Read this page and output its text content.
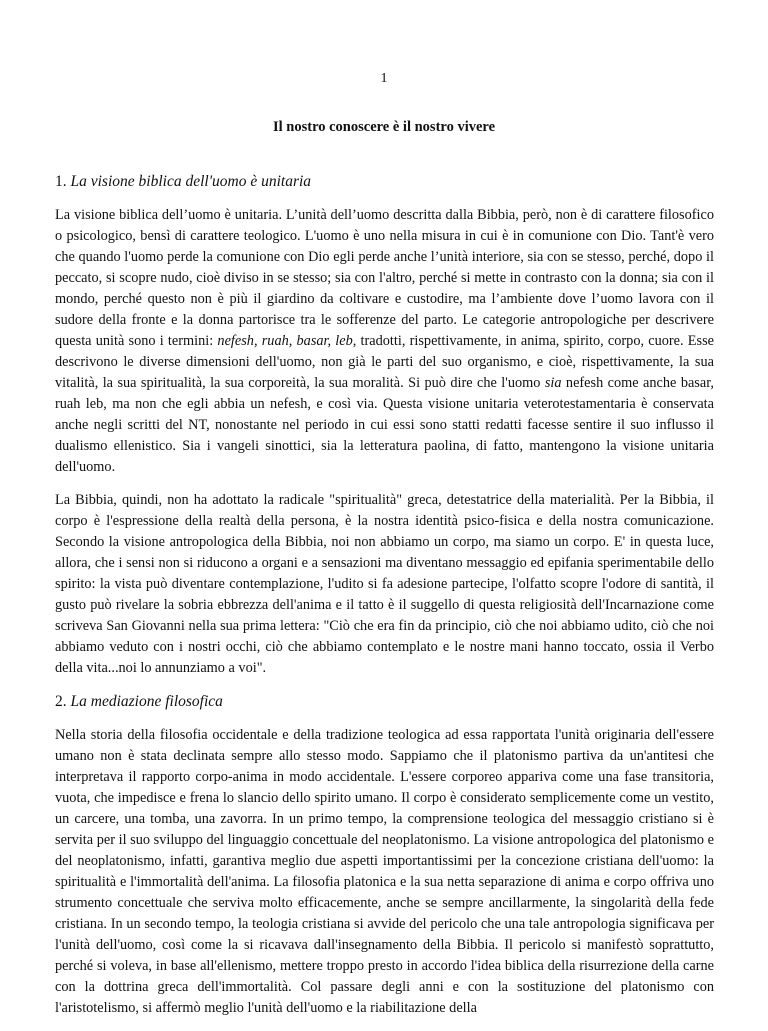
1
Il nostro conoscere è il nostro vivere
1. La visione biblica dell'uomo è unitaria

La visione biblica dell’uomo è unitaria. L’unità dell’uomo descritta dalla Bibbia, però, non è di carattere filosofico o psicologico, bensì di carattere teologico. L'uomo è uno nella misura in cui è in comunione con Dio. Tant'è vero che quando l'uomo perde la comunione con Dio egli perde anche l’unità interiore, sia con se stesso, perché, dopo il peccato, si scopre nudo, cioè diviso in se stesso; sia con l'altro, perché si mette in contrasto con la donna; sia con il mondo, perché questo non è più il giardino da coltivare e custodire, ma l’ambiente dove l’uomo lavora con il sudore della fronte e la donna partorisce tra le sofferenze del parto. Le categorie antropologiche per descrivere questa unità sono i termini: nefesh, ruah, basar, leb, tradotti, rispettivamente, in anima, spirito, corpo, cuore. Esse descrivono le diverse dimensioni dell'uomo, non già le parti del suo organismo, e cioè, rispettivamente, la sua vitalità, la sua spiritualità, la sua corporeità, la sua moralità. Si può dire che l'uomo sia nefesh come anche basar, ruah leb, ma non che egli abbia un nefesh, e così via. Questa visione unitaria veterotestamentaria è conservata anche negli scritti del NT, nonostante nel periodo in cui essi sono statti redatti facesse sentire il suo influsso il dualismo ellenistico. Sia i vangeli sinottici, sia la letteratura paolina, di fatto, mantengono la visione unitaria dell'uomo.

La Bibbia, quindi, non ha adottato la radicale "spiritualità" greca, detestatrice della materialità. Per la Bibbia, il corpo è l'espressione della realtà della persona, è la nostra identità psico-fisica e della nostra comunicazione. Secondo la visione antropologica della Bibbia, noi non abbiamo un corpo, ma siamo un corpo. E' in questa luce, allora, che i sensi non si riducono a organi e a sensazioni ma diventano messaggio ed epifania sperimentabile dello spirito: la vista può diventare contemplazione, l'udito si fa adesione partecipe, l'olfatto scopre l'odore di santità, il gusto può rivelare la sobria ebbrezza dell'anima e il tatto è il suggello di questa religiosità dell'Incarnazione come scriveva San Giovanni nella sua prima lettera: "Ciò che era fin da principio, ciò che noi abbiamo udito, ciò che noi abbiamo veduto con i nostri occhi, ciò che abbiamo contemplato e le nostre mani hanno toccato, ossia il Verbo della vita...noi lo annunziamo a voi".

2. La mediazione filosofica

Nella storia della filosofia occidentale e della tradizione teologica ad essa rapportata l'unità originaria dell'essere umano non è stata declinata sempre allo stesso modo. Sappiamo che il platonismo partiva da un'antitesi che interpretava il rapporto corpo-anima in modo accidentale. L'essere corporeo appariva come una fase transitoria, vuota, che impedisce e frena lo slancio dello spirito umano. Il corpo è considerato semplicemente come un vestito, un carcere, una tomba, una zavorra. In un primo tempo, la comprensione teologica del messaggio cristiano si è servita per il suo sviluppo del linguaggio concettuale del neoplatonismo. La visione antropologica del platonismo e del neoplatonismo, infatti, garantiva meglio due aspetti importantissimi per la concezione cristiana dell'uomo: la spiritualità e l'immortalità dell'anima. La filosofia platonica e la sua netta separazione di anima e corpo offriva uno strumento concettuale che serviva molto efficacemente, anche se sempre ancillarmente, la singolarità della fede cristiana. In un secondo tempo, la teologia cristiana si avvide del pericolo che una tale antropologia significava per l'unità dell'uomo, così come la si ricavava dall'insegnamento della Bibbia. Il pericolo si manifestò soprattutto, perché si voleva, in base all'ellenismo, mettere troppo presto in accordo l'idea biblica della risurrezione della carne con la dottrina greca dell'immortalità. Col passare degli anni e con la sostituzione del platonismo con l'aristotelismo, si affermò meglio l'unità dell'uomo e la riabilitazione della
